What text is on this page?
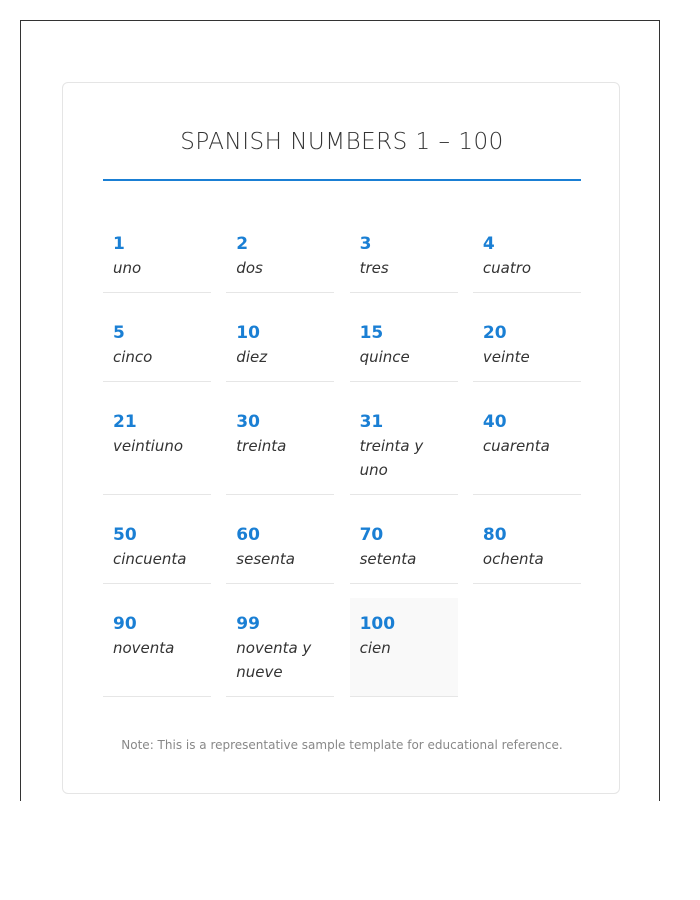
SPANISH NUMBERS 1 – 100
1
uno
2
dos
3
tres
4
cuatro
5
cinco
10
diez
15
quince
20
veinte
21
veintiuno
30
treinta
31
treinta y uno
40
cuarenta
50
cincuenta
60
sesenta
70
setenta
80
ochenta
90
noventa
99
noventa y nueve
100
cien

Note: This is a representative sample template for educational reference.
